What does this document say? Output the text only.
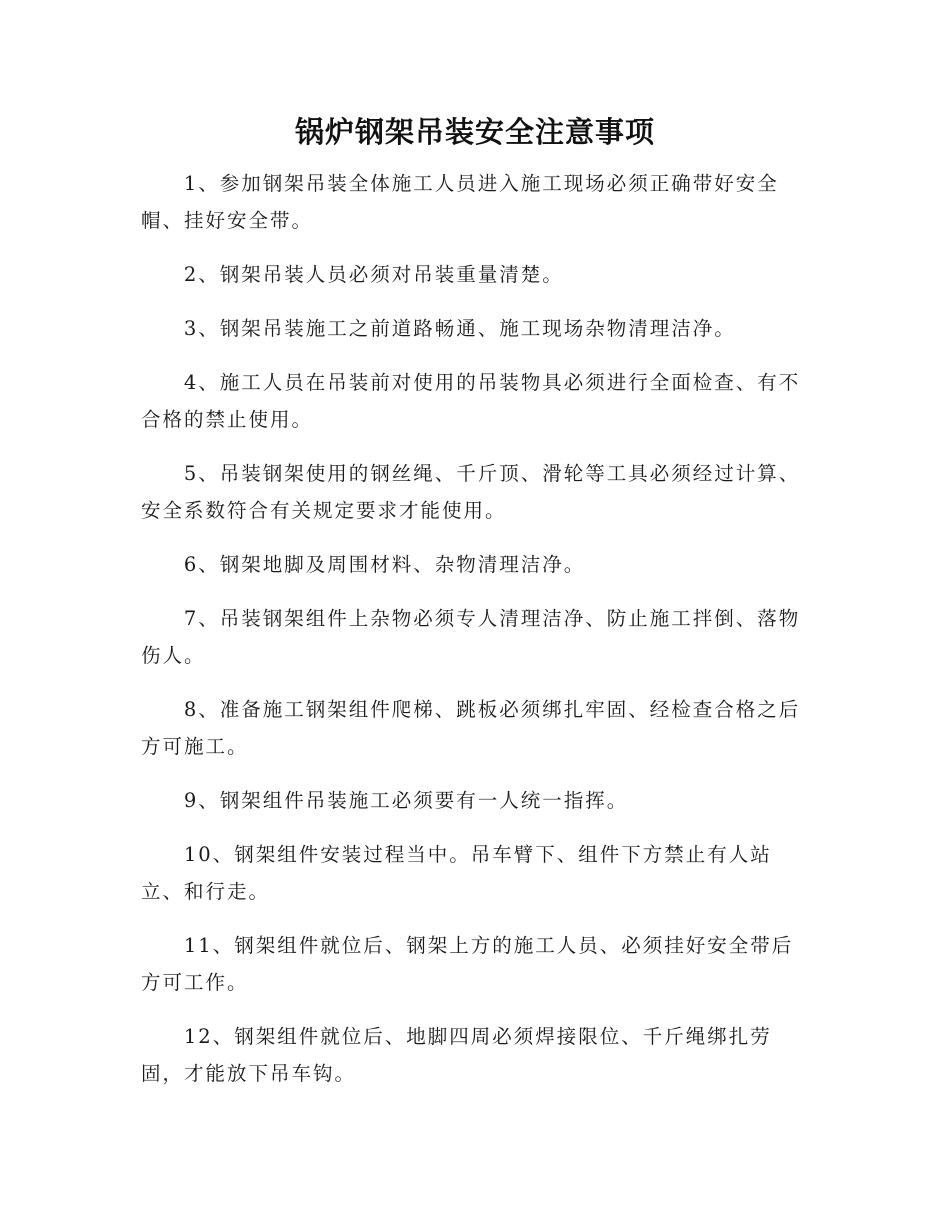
锅炉钢架吊装安全注意事项

1、参加钢架吊装全体施工人员进入施工现场必须正确带好安全帽、挂好安全带。

2、钢架吊装人员必须对吊装重量清楚。

3、钢架吊装施工之前道路畅通、施工现场杂物清理洁净。

4、施工人员在吊装前对使用的吊装物具必须进行全面检查、有不合格的禁止使用。

5、吊装钢架使用的钢丝绳、千斤顶、滑轮等工具必须经过计算、安全系数符合有关规定要求才能使用。

6、钢架地脚及周围材料、杂物清理洁净。

7、吊装钢架组件上杂物必须专人清理洁净、防止施工拌倒、落物伤人。

8、准备施工钢架组件爬梯、跳板必须绑扎牢固、经检查合格之后方可施工。

9、钢架组件吊装施工必须要有一人统一指挥。

10、钢架组件安装过程当中。吊车臂下、组件下方禁止有人站立、和行走。

11、钢架组件就位后、钢架上方的施工人员、必须挂好安全带后方可工作。

12、钢架组件就位后、地脚四周必须焊接限位、千斤绳绑扎劳固，才能放下吊车钩。
